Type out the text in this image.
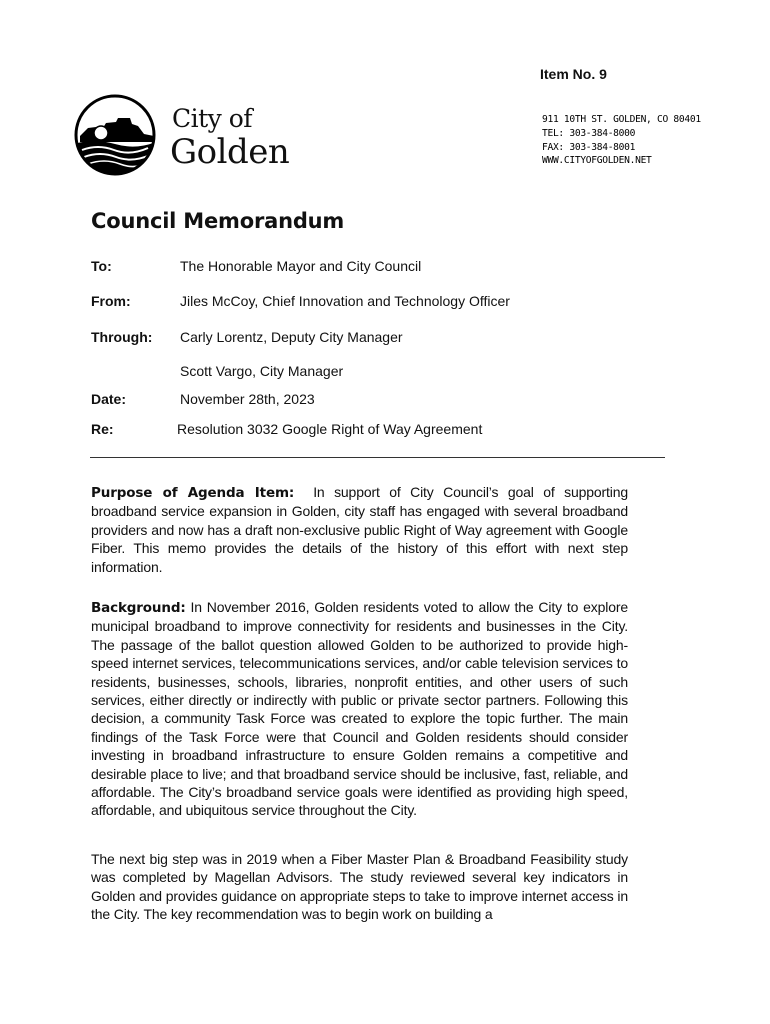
Item No. 9
City of
Golden
911 10TH ST. GOLDEN, CO 80401
TEL: 303-384-8000
FAX: 303-384-8001
WWW.CITYOFGOLDEN.NET
Council Memorandum
To:	The Honorable Mayor and City Council
From:	Jiles McCoy, Chief Innovation and Technology Officer
Through: Carly Lorentz, Deputy City Manager
Scott Vargo, City Manager
Date:	November 28th, 2023
Re:	Resolution 3032 Google Right of Way Agreement
Purpose of Agenda Item: In support of City Council’s goal of supporting broadband service expansion in Golden, city staff has engaged with several broadband providers and now has a draft non-exclusive public Right of Way agreement with Google Fiber. This memo provides the details of the history of this effort with next step information.
Background: In November 2016, Golden residents voted to allow the City to explore municipal broadband to improve connectivity for residents and businesses in the City. The passage of the ballot question allowed Golden to be authorized to provide high-speed internet services, telecommunications services, and/or cable television services to residents, businesses, schools, libraries, nonprofit entities, and other users of such services, either directly or indirectly with public or private sector partners. Following this decision, a community Task Force was created to explore the topic further. The main findings of the Task Force were that Council and Golden residents should consider investing in broadband infrastructure to ensure Golden remains a competitive and desirable place to live; and that broadband service should be inclusive, fast, reliable, and affordable. The City’s broadband service goals were identified as providing high speed, affordable, and ubiquitous service throughout the City.
The next big step was in 2019 when a Fiber Master Plan & Broadband Feasibility study was completed by Magellan Advisors. The study reviewed several key indicators in Golden and provides guidance on appropriate steps to take to improve internet access in the City. The key recommendation was to begin work on building a
